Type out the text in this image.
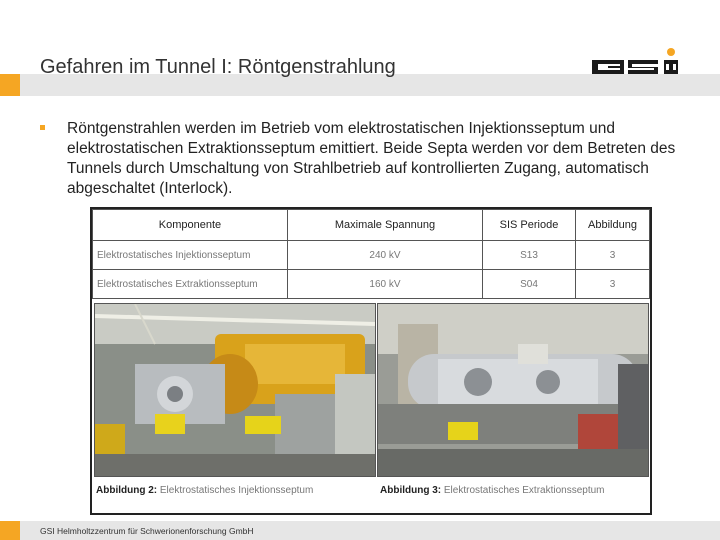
Gefahren im Tunnel I: Röntgenstrahlung
Röntgenstrahlen werden im Betrieb vom elektrostatischen Injektionsseptum und elektrostatischen Extraktionsseptum emittiert. Beide Septa werden vor dem Betreten des Tunnels durch Umschaltung von Strahlbetrieb auf kontrollierten Zugang, automatisch abgeschaltet (Interlock).
Komponente	Maximale Spannung	SIS Periode	Abbildung
Elektrostatisches Injektionsseptum	240 kV	S13	3
Elektrostatisches Extraktionsseptum	160 kV	S04	3
Abbildung 2: Elektrostatisches Injektionsseptum	Abbildung 3: Elektrostatisches Extraktionsseptum
GSI Helmholtzzentrum für Schwerionenforschung GmbH
